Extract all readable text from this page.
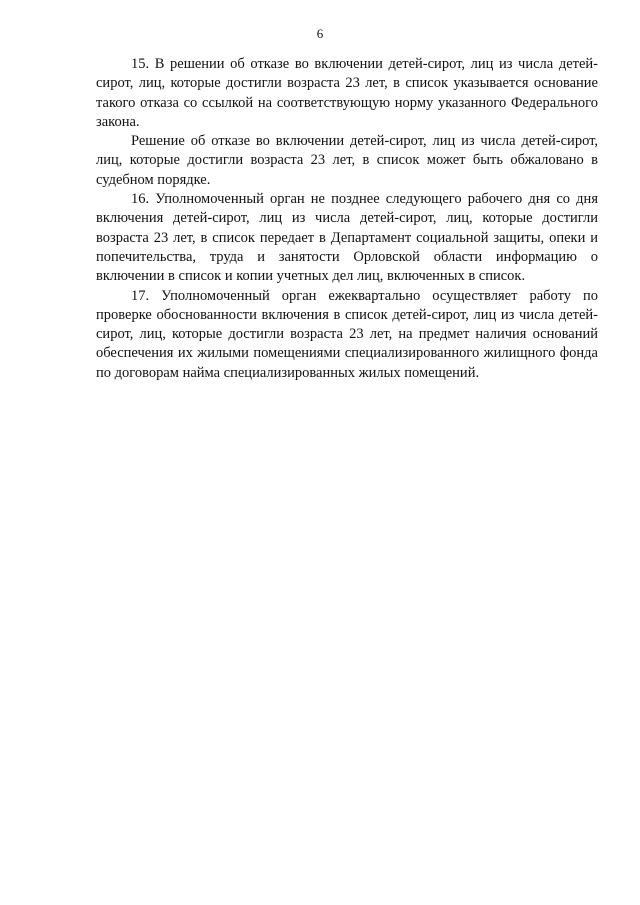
6

15. В решении об отказе во включении детей-сирот, лиц из числа детей-сирот, лиц, которые достигли возраста 23 лет, в список указывается основание такого отказа со ссылкой на соответствующую норму указанного Федерального закона.

Решение об отказе во включении детей-сирот, лиц из числа детей-сирот, лиц, которые достигли возраста 23 лет, в список может быть обжаловано в судебном порядке.

16. Уполномоченный орган не позднее следующего рабочего дня со дня включения детей-сирот, лиц из числа детей-сирот, лиц, которые достигли возраста 23 лет, в список передает в Департамент социальной защиты, опеки и попечительства, труда и занятости Орловской области информацию о включении в список и копии учетных дел лиц, включенных в список.

17. Уполномоченный орган ежеквартально осуществляет работу по проверке обоснованности включения в список детей-сирот, лиц из числа детей-сирот, лиц, которые достигли возраста 23 лет, на предмет наличия оснований обеспечения их жилыми помещениями специализированного жилищного фонда по договорам найма специализированных жилых помещений.
